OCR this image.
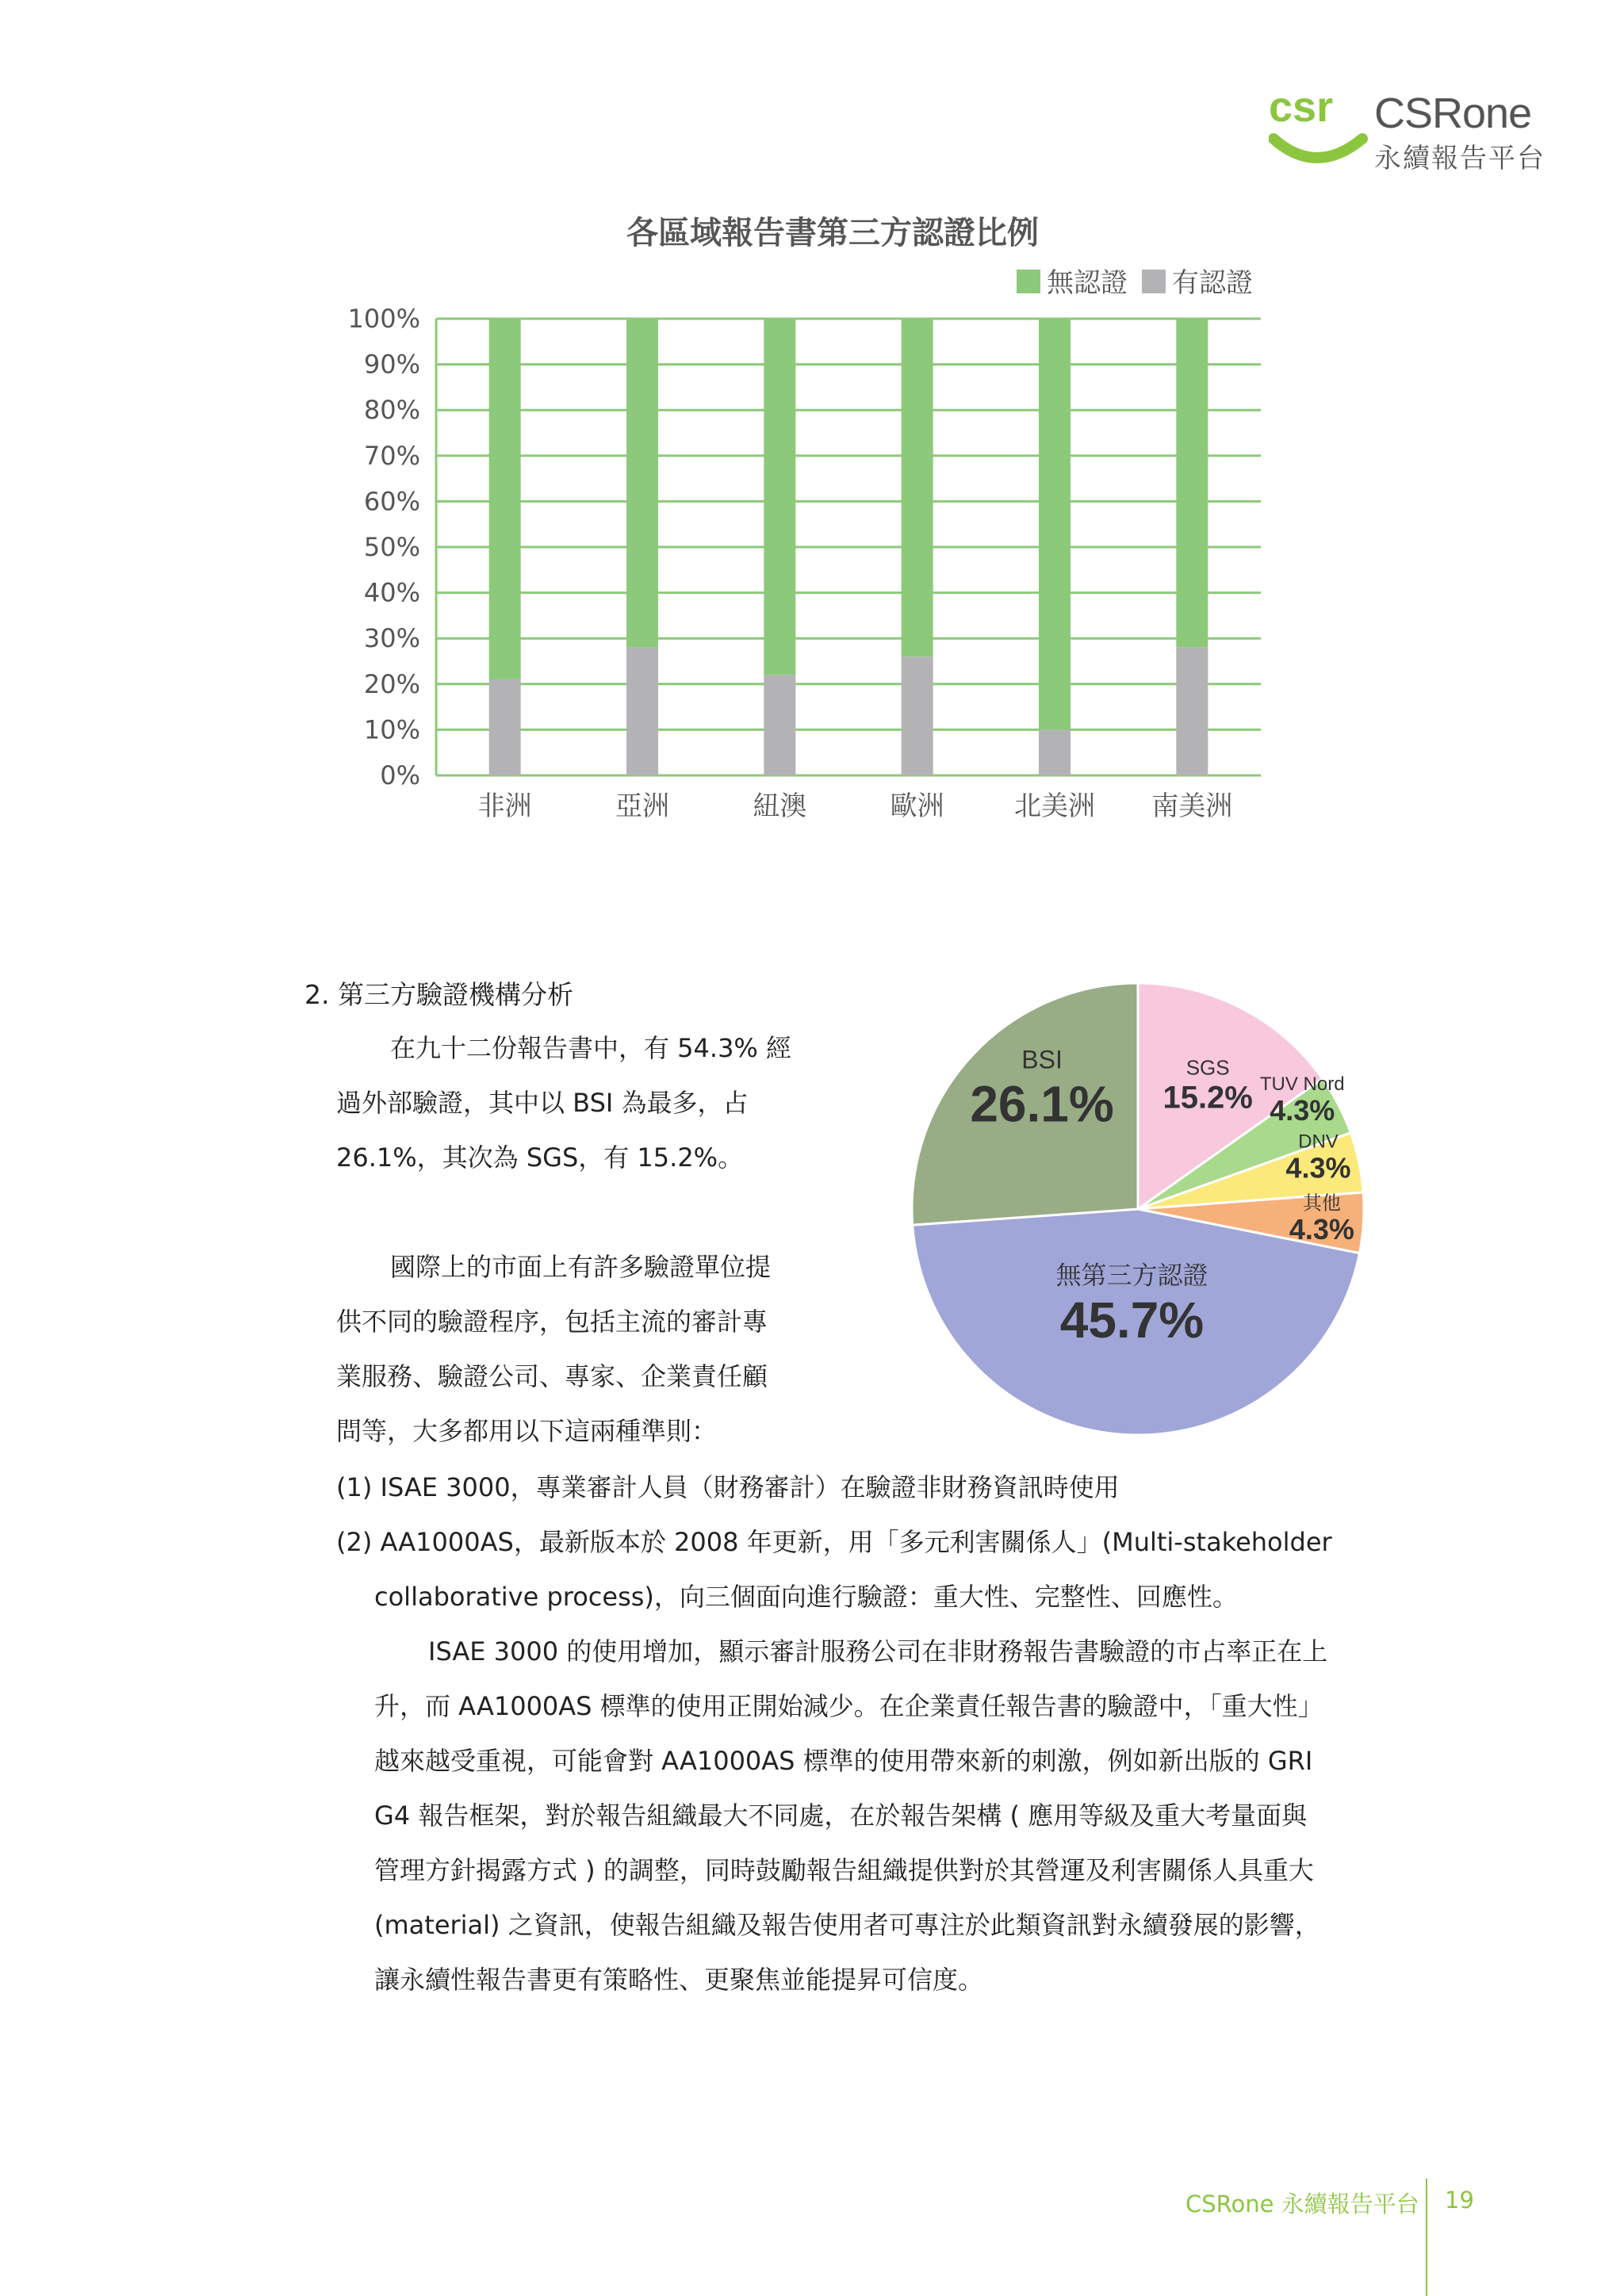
csr CSRone
永續報告平台
各區域報告書第三方認證比例
無認證 有認證
0%
10%
20%
30%
40%
50%
60%
70%
80%
90%
100%
非洲	亞洲	紐澳	歐洲	北美洲 南美洲
2. 第三方驗證機構分析
在九十二份報告書中，有 54.3% 經
過外部驗證，其中以 BSI 為最多，占
26.1%，其次為 SGS，有 15.2%。
國際上的市面上有許多驗證單位提
供不同的驗證程序，包括主流的審計專
業服務、驗證公司、專家、企業責任顧
問等，大多都用以下這兩種準則：
(1) ISAE 3000，專業審計人員（財務審計）在驗證非財務資訊時使用
(2) AA1000AS，最新版本於 2008 年更新，用「多元利害關係人」(Multi-stakeholder
collaborative process)，向三個面向進行驗證：重大性、完整性、回應性。
ISAE 3000 的使用增加，顯示審計服務公司在非財務報告書驗證的市占率正在上
升，而 AA1000AS 標準的使用正開始減少。在企業責任報告書的驗證中，「重大性」
越來越受重視，可能會對 AA1000AS 標準的使用帶來新的刺激，例如新出版的 GRI
G4 報告框架，對於報告組織最大不同處，在於報告架構 ( 應用等級及重大考量面與
管理方針揭露方式 ) 的調整，同時鼓勵報告組織提供對於其營運及利害關係人具重大
(material) 之資訊，使報告組織及報告使用者可專注於此類資訊對永續發展的影響，
讓永續性報告書更有策略性、更聚焦並能提昇可信度。
SGS
15.2% TUV Nord
4.3%
DNV
4.3%
其他
4.3%
無第三方認證
45.7%
BSI
26.1%
CSRone 永續報告平台 19
